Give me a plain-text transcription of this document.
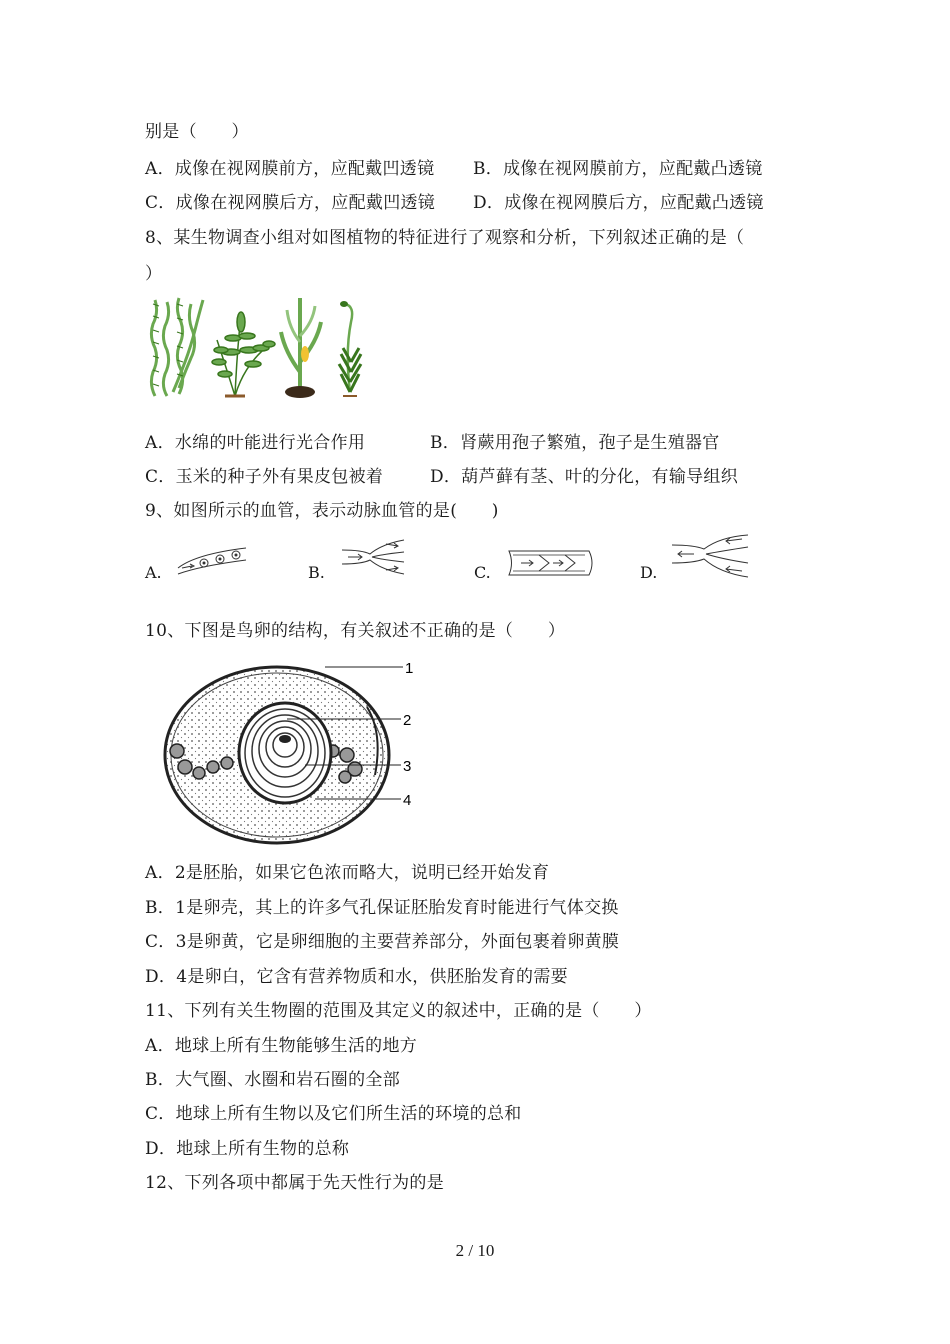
别是（　　）
A．成像在视网膜前方，应配戴凹透镜 B．成像在视网膜前方，应配戴凸透镜
C．成像在视网膜后方，应配戴凹透镜 D．成像在视网膜后方，应配戴凸透镜
8、某生物调查小组对如图植物的特征进行了观察和分析，下列叙述正确的是（
）
A．水绵的叶能进行光合作用	B．肾蕨用孢子繁殖，孢子是生殖器官
C．玉米的种子外有果皮包被着	D．葫芦藓有茎、叶的分化，有输导组织
9、如图所示的血管，表示动脉血管的是(　　)
A.	B.	C.	D.
10、下图是鸟卵的结构，有关叙述不正确的是（　　）
1
2
3
4
A．2是胚胎，如果它色浓而略大，说明已经开始发育
B．1是卵壳，其上的许多气孔保证胚胎发育时能进行气体交换
C．3是卵黄，它是卵细胞的主要营养部分，外面包裹着卵黄膜
D．4是卵白，它含有营养物质和水，供胚胎发育的需要
11、下列有关生物圈的范围及其定义的叙述中，正确的是（　　）
A．地球上所有生物能够生活的地方
B．大气圈、水圈和岩石圈的全部
C．地球上所有生物以及它们所生活的环境的总和
D．地球上所有生物的总称
12、下列各项中都属于先天性行为的是
2 / 10
